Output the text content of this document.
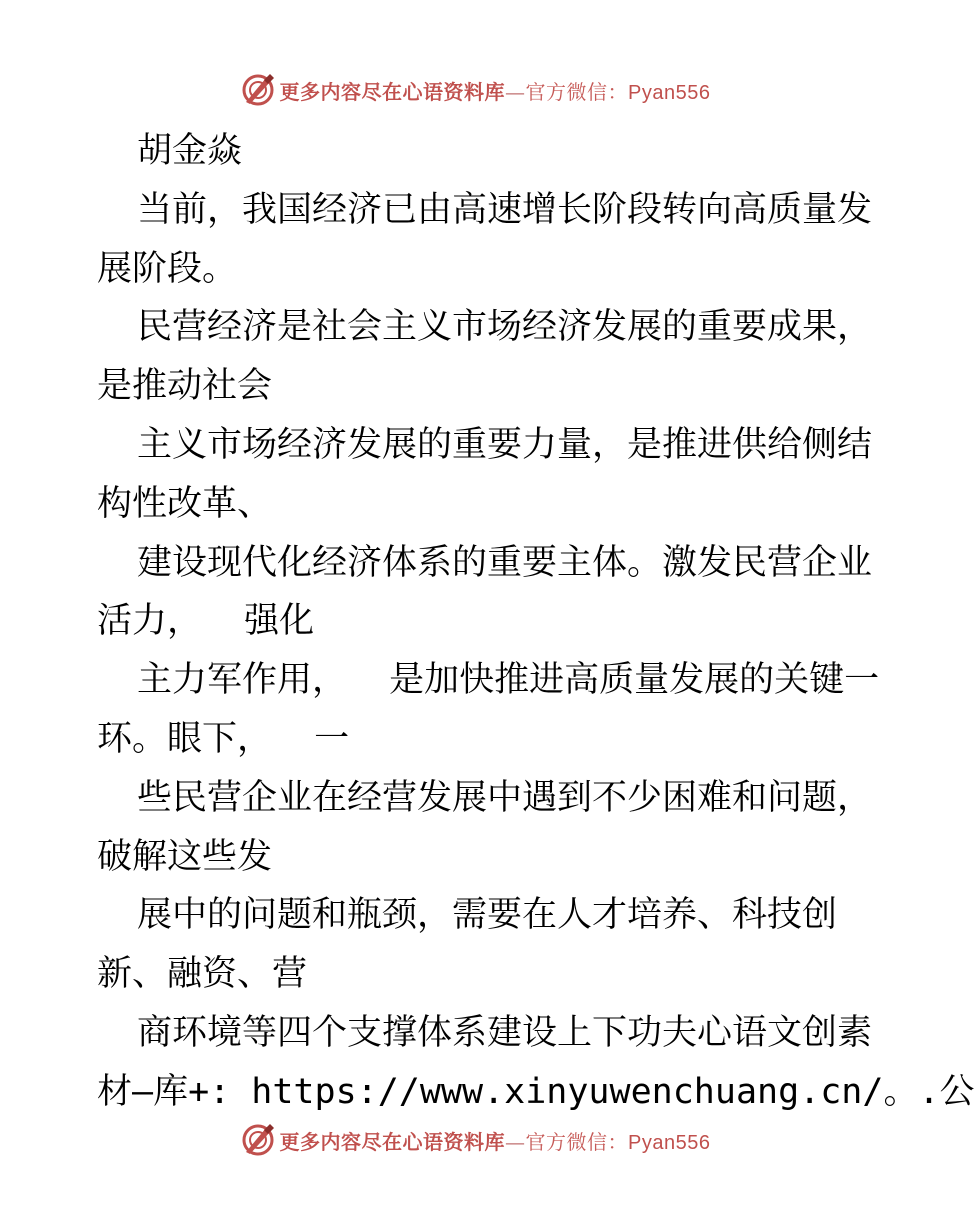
更多内容尽在心语资料库—官方微信：Pyan556
胡金焱
当前，我国经济已由高速增长阶段转向高质量发
展阶段。
民营经济是社会主义市场经济发展的重要成果，
是推动社会
主义市场经济发展的重要力量，是推进供给侧结
构性改革、
建设现代化经济体系的重要主体。激发民营企业
活力，  强化
主力军作用，  是加快推进高质量发展的关键一
环。眼下，  一
些民营企业在经营发展中遇到不少困难和问题，
破解这些发
展中的问题和瓶颈，需要在人才培养、科技创
新、融资、营
商环境等四个支撑体系建设上下功夫心语文创素
材—库+: https://www.xinyuwenchuang.cn/。.公
更多内容尽在心语资料库—官方微信：Pyan556
